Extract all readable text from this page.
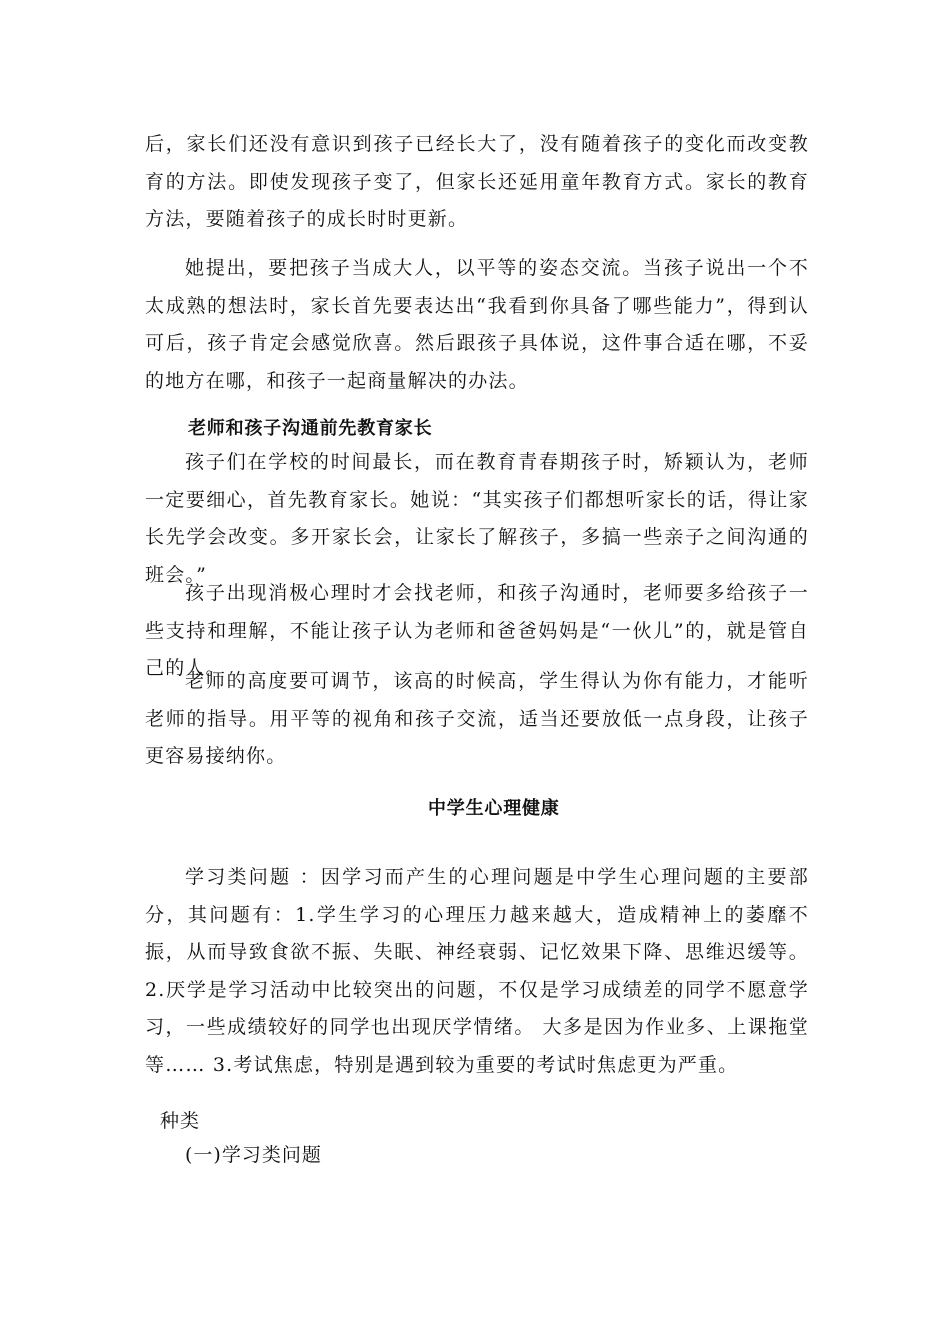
后，家长们还没有意识到孩子已经长大了，没有随着孩子的变化而改变教育的方法。即使发现孩子变了，但家长还延用童年教育方式。家长的教育方法，要随着孩子的成长时时更新。

她提出，要把孩子当成大人，以平等的姿态交流。当孩子说出一个不太成熟的想法时，家长首先要表达出“我看到你具备了哪些能力”，得到认可后，孩子肯定会感觉欣喜。然后跟孩子具体说，这件事合适在哪，不妥的地方在哪，和孩子一起商量解决的办法。

老师和孩子沟通前先教育家长

孩子们在学校的时间最长，而在教育青春期孩子时，矫颖认为，老师一定要细心，首先教育家长。她说：“其实孩子们都想听家长的话，得让家长先学会改变。多开家长会，让家长了解孩子，多搞一些亲子之间沟通的班会。”

孩子出现消极心理时才会找老师，和孩子沟通时，老师要多给孩子一些支持和理解，不能让孩子认为老师和爸爸妈妈是“一伙儿”的，就是管自己的人。

老师的高度要可调节，该高的时候高，学生得认为你有能力，才能听老师的指导。用平等的视角和孩子交流，适当还要放低一点身段，让孩子更容易接纳你。

中学生心理健康

学习类问题 ：因学习而产生的心理问题是中学生心理问题的主要部分，其问题有：1.学生学习的心理压力越来越大，造成精神上的萎靡不振，从而导致食欲不振、失眠、神经衰弱、记忆效果下降、思维迟缓等。2.厌学是学习活动中比较突出的问题，不仅是学习成绩差的同学不愿意学习，一些成绩较好的同学也出现厌学情绪。 大多是因为作业多、上课拖堂等…… 3.考试焦虑，特别是遇到较为重要的考试时焦虑更为严重。

种类

(一)学习类问题
